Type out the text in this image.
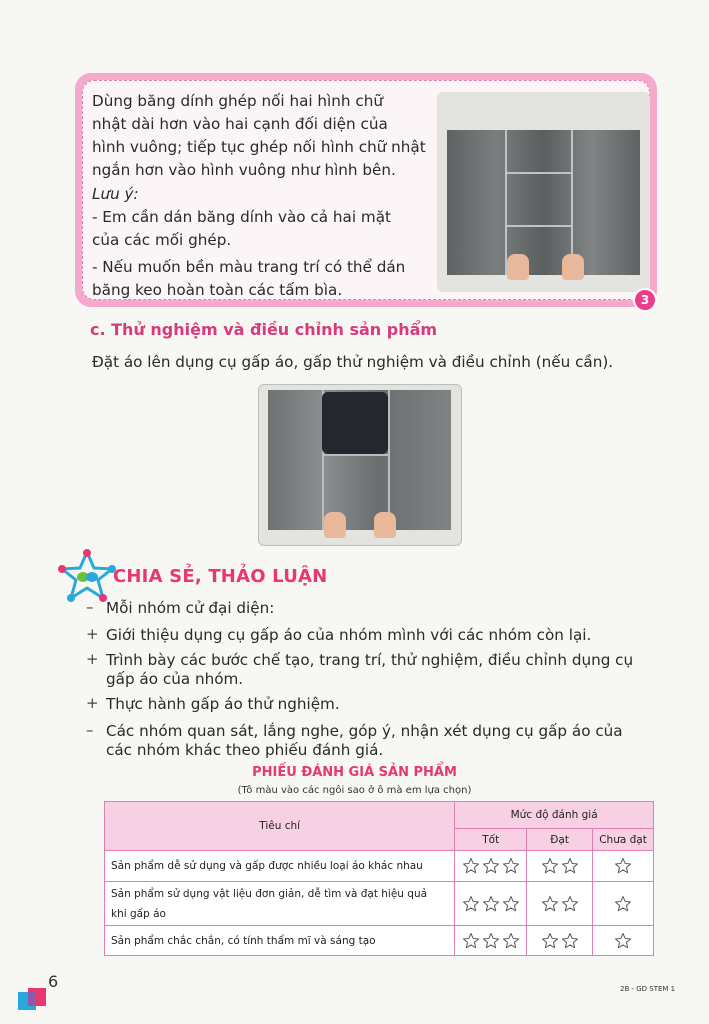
Dùng băng dính ghép nối hai hình chữ

nhật dài hơn vào hai cạnh đối diện của

hình vuông; tiếp tục ghép nối hình chữ nhật

ngắn hơn vào hình vuông như hình bên.

Lưu ý:

- Em cần dán băng dính vào cả hai mặt

của các mối ghép.

- Nếu muốn bền màu trang trí có thể dán

băng keo hoàn toàn các tấm bìa.

3
c. Thử nghiệm và điều chỉnh sản phẩm
Đặt áo lên dụng cụ gấp áo, gấp thử nghiệm và điều chỉnh (nếu cần).
CHIA SẺ, THẢO LUẬN
– Mỗi nhóm cử đại diện:
+ Giới thiệu dụng cụ gấp áo của nhóm mình với các nhóm còn lại.
+ Trình bày các bước chế tạo, trang trí, thử nghiệm, điều chỉnh dụng cụ
gấp áo của nhóm.
+ Thực hành gấp áo thử nghiệm.
– Các nhóm quan sát, lắng nghe, góp ý, nhận xét dụng cụ gấp áo của
các nhóm khác theo phiếu đánh giá.
PHIẾU ĐÁNH GIÁ SẢN PHẨM
(Tô màu vào các ngôi sao ở ô mà em lựa chọn)
Tiêu chí	Mức độ đánh giá		
	Tốt	Đạt	Chưa đạt
Sản phẩm dễ sử dụng và gấp được nhiều loại áo khác nhau			

Sản phẩm sử dụng vật liệu đơn giản, dễ tìm và đạt hiệu quả
khi gấp áo

Sản phẩm chắc chắn, có tính thẩm mĩ và sáng tạo			
6	2B - GD STEM 1
